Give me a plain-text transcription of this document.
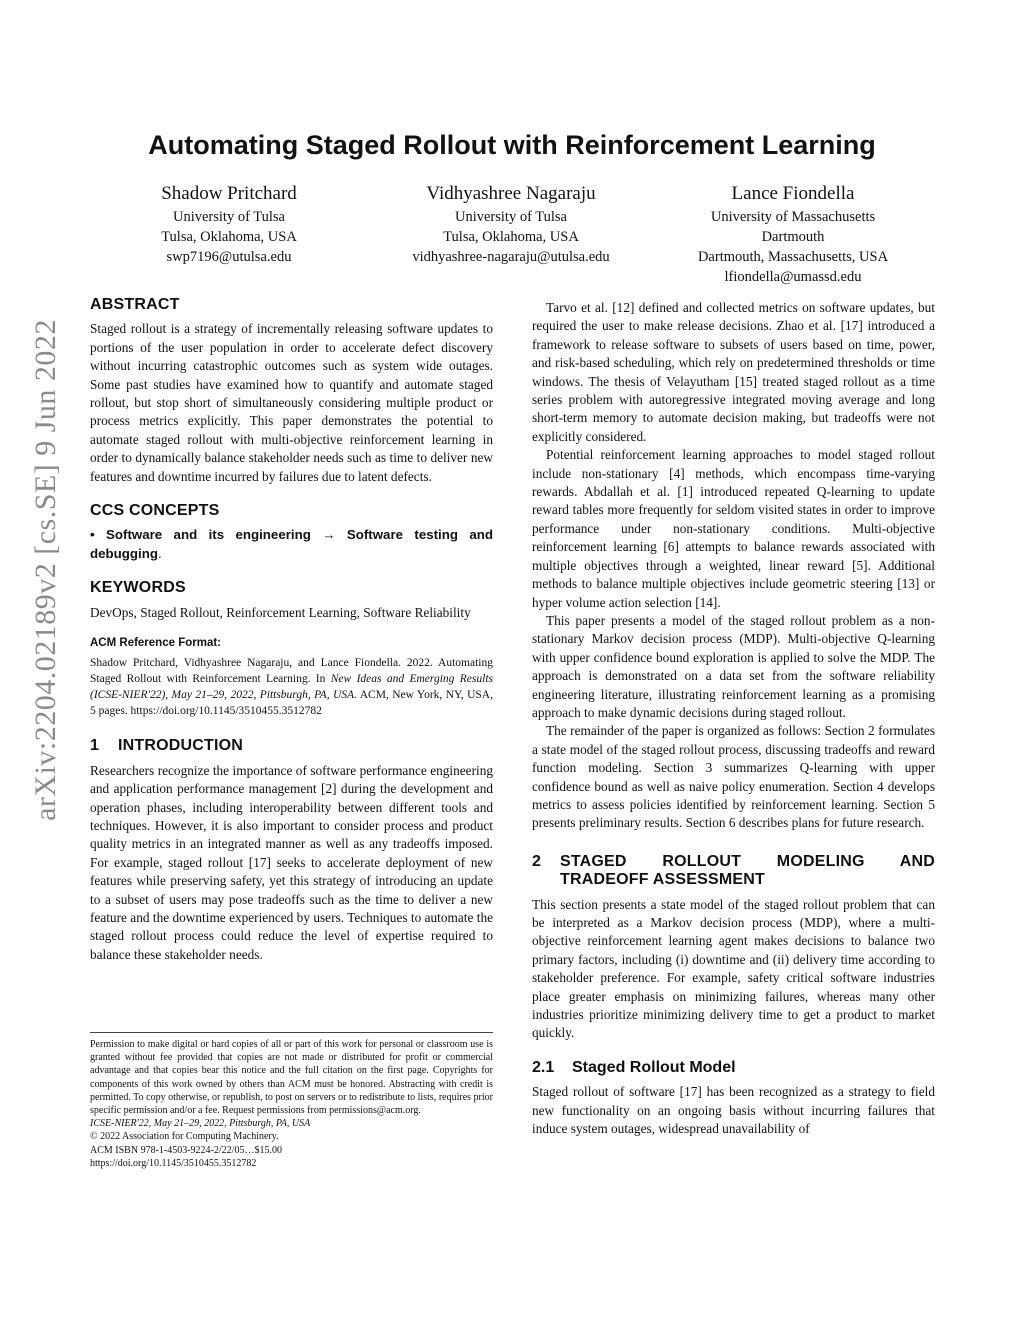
arXiv:2204.02189v2 [cs.SE] 9 Jun 2022
Automating Staged Rollout with Reinforcement Learning
Shadow Pritchard
University of Tulsa
Tulsa, Oklahoma, USA
swp7196@utulsa.edu
Vidhyashree Nagaraju
University of Tulsa
Tulsa, Oklahoma, USA
vidhyashree-nagaraju@utulsa.edu
Lance Fiondella
University of Massachusetts
Dartmouth
Dartmouth, Massachusetts, USA
lfiondella@umassd.edu
ABSTRACT

Staged rollout is a strategy of incrementally releasing software updates to portions of the user population in order to accelerate defect discovery without incurring catastrophic outcomes such as system wide outages. Some past studies have examined how to quantify and automate staged rollout, but stop short of simultaneously considering multiple product or process metrics explicitly. This paper demonstrates the potential to automate staged rollout with multi-objective reinforcement learning in order to dynamically balance stakeholder needs such as time to deliver new features and downtime incurred by failures due to latent defects.

CCS CONCEPTS

• Software and its engineering → Software testing and debugging.

KEYWORDS

DevOps, Staged Rollout, Reinforcement Learning, Software Reliability

ACM Reference Format:

Shadow Pritchard, Vidhyashree Nagaraju, and Lance Fiondella. 2022. Automating Staged Rollout with Reinforcement Learning. In New Ideas and Emerging Results (ICSE-NIER'22), May 21–29, 2022, Pittsburgh, PA, USA. ACM, New York, NY, USA, 5 pages. https://doi.org/10.1145/3510455.3512782

1 INTRODUCTION

Researchers recognize the importance of software performance engineering and application performance management [2] during the development and operation phases, including interoperability between different tools and techniques. However, it is also important to consider process and product quality metrics in an integrated manner as well as any tradeoffs imposed. For example, staged rollout [17] seeks to accelerate deployment of new features while preserving safety, yet this strategy of introducing an update to a subset of users may pose tradeoffs such as the time to deliver a new feature and the downtime experienced by users. Techniques to automate the staged rollout process could reduce the level of expertise required to balance these stakeholder needs.

Permission to make digital or hard copies of all or part of this work for personal or classroom use is granted without fee provided that copies are not made or distributed for profit or commercial advantage and that copies bear this notice and the full citation on the first page. Copyrights for components of this work owned by others than ACM must be honored. Abstracting with credit is permitted. To copy otherwise, or republish, to post on servers or to redistribute to lists, requires prior specific permission and/or a fee. Request permissions from permissions@acm.org.

ICSE-NIER'22, May 21–29, 2022, Pittsburgh, PA, USA

© 2022 Association for Computing Machinery.

ACM ISBN 978-1-4503-9224-2/22/05…$15.00

https://doi.org/10.1145/3510455.3512782

Tarvo et al. [12] defined and collected metrics on software updates, but required the user to make release decisions. Zhao et al. [17] introduced a framework to release software to subsets of users based on time, power, and risk-based scheduling, which rely on predetermined thresholds or time windows. The thesis of Velayutham [15] treated staged rollout as a time series problem with autoregressive integrated moving average and long short-term memory to automate decision making, but tradeoffs were not explicitly considered.

Potential reinforcement learning approaches to model staged rollout include non-stationary [4] methods, which encompass time-varying rewards. Abdallah et al. [1] introduced repeated Q-learning to update reward tables more frequently for seldom visited states in order to improve performance under non-stationary conditions. Multi-objective reinforcement learning [6] attempts to balance rewards associated with multiple objectives through a weighted, linear reward [5]. Additional methods to balance multiple objectives include geometric steering [13] or hyper volume action selection [14].

This paper presents a model of the staged rollout problem as a non-stationary Markov decision process (MDP). Multi-objective Q-learning with upper confidence bound exploration is applied to solve the MDP. The approach is demonstrated on a data set from the software reliability engineering literature, illustrating reinforcement learning as a promising approach to make dynamic decisions during staged rollout.

The remainder of the paper is organized as follows: Section 2 formulates a state model of the staged rollout process, discussing tradeoffs and reward function modeling. Section 3 summarizes Q-learning with upper confidence bound as well as naive policy enumeration. Section 4 develops metrics to assess policies identified by reinforcement learning. Section 5 presents preliminary results. Section 6 describes plans for future research.

2	STAGED ROLLOUT MODELING AND TRADEOFF ASSESSMENT

This section presents a state model of the staged rollout problem that can be interpreted as a Markov decision process (MDP), where a multi-objective reinforcement learning agent makes decisions to balance two primary factors, including (i) downtime and (ii) delivery time according to stakeholder preference. For example, safety critical software industries place greater emphasis on minimizing failures, whereas many other industries prioritize minimizing delivery time to get a product to market quickly.

2.1 Staged Rollout Model

Staged rollout of software [17] has been recognized as a strategy to field new functionality on an ongoing basis without incurring failures that induce system outages, widespread unavailability of
